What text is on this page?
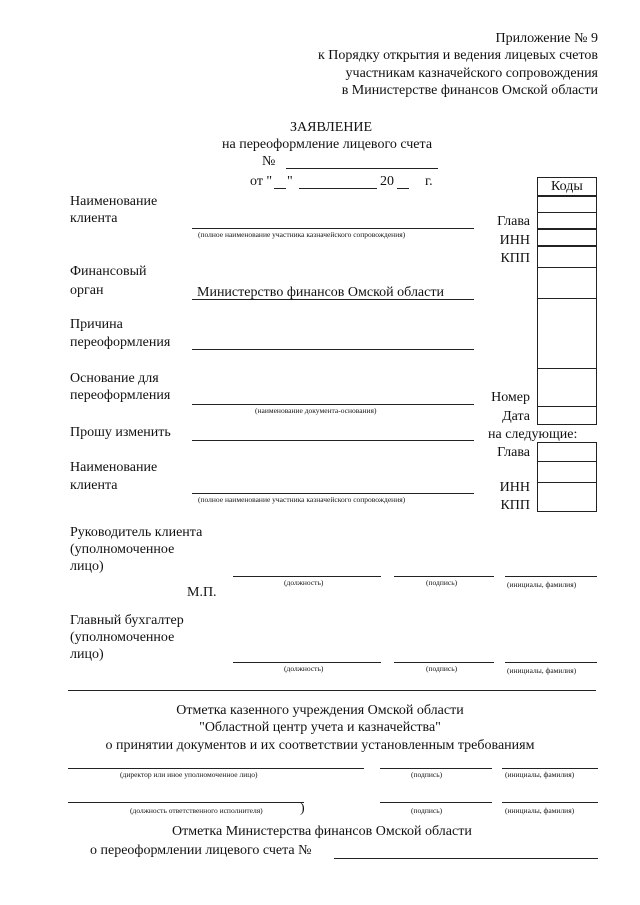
Приложение № 9
к Порядку открытия и ведения лицевых счетов
участникам казначейского сопровождения
в Министерстве финансов Омской области
ЗАЯВЛЕНИЕ
на переоформление лицевого счета
№
от " "	20 г.	Коды
Глава
ИНН
КПП
Номер
Дата
на следующие:
Глава
ИНН
КПП
Наименование
клиента
(полное наименование участника казначейского сопровождения)
Финансовый
орган	Министерство финансов Омской области
Причина
переоформления
Основание для
переоформления
(наименование документа-основания)
Прошу изменить
Наименование
клиента
(полное наименование участника казначейского сопровождения)
Руководитель клиента
(уполномоченное
лицо)
(должность)	(подпись)	(инициалы, фамилия)
М.П.
Главный бухгалтер
(уполномоченное
лицо)
(должность)	(подпись)	(инициалы, фамилия)
Отметка казенного учреждения Омской области
"Областной центр учета и казначейства"
о принятии документов и их соответствии установленным требованиям
(директор или иное уполномоченное лицо)	(подпись)	(инициалы, фамилия)
(должность ответственного исполнителя)	)	(подпись)	(инициалы, фамилия)
Отметка Министерства финансов Омской области
о переоформлении лицевого счета №
